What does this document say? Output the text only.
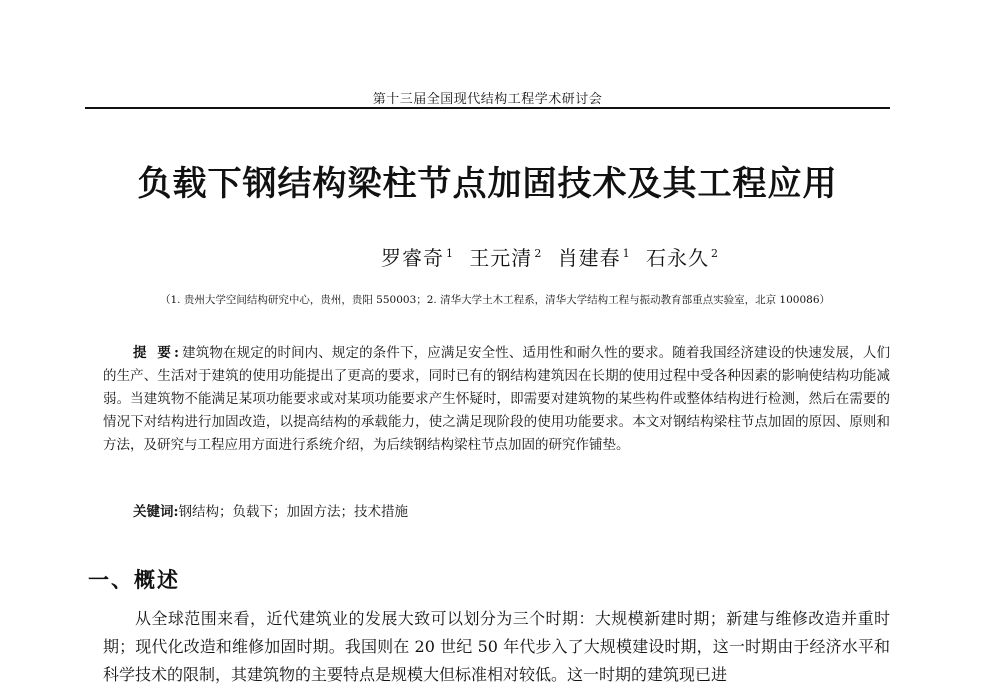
第十三届全国现代结构工程学术研讨会
负载下钢结构梁柱节点加固技术及其工程应用
罗睿奇 $^1$ 王元清 $^2$ 肖建春 $^1$ 石永久 $^2$
（1. 贵州大学空间结构研究中心，贵州，贵阳 550003；2. 清华大学土木工程系，清华大学结构工程与振动教育部重点实验室，北京 100086）
提 要:建筑物在规定的时间内、规定的条件下，应满足安全性、适用性和耐久性的要求。随着我国经济建设的快速发展，人们的生产、生活对于建筑的使用功能提出了更高的要求，同时已有的钢结构建筑因在长期的使用过程中受各种因素的影响使结构功能减弱。当建筑物不能满足某项功能要求或对某项功能要求产生怀疑时，即需要对建筑物的某些构件或整体结构进行检测，然后在需要的情况下对结构进行加固改造，以提高结构的承载能力，使之满足现阶段的使用功能要求。本文对钢结构梁柱节点加固的原因、原则和方法，及研究与工程应用方面进行系统介绍，为后续钢结构梁柱节点加固的研究作铺垫。
关键词:钢结构；负载下；加固方法；技术措施
一、概述
从全球范围来看，近代建筑业的发展大致可以划分为三个时期：大规模新建时期；新建与维修改造并重时期；现代化改造和维修加固时期。我国则在 20 世纪 50 年代步入了大规模建设时期，这一时期由于经济水平和科学技术的限制，其建筑物的主要特点是规模大但标准相对较低。这一时期的建筑现已进
